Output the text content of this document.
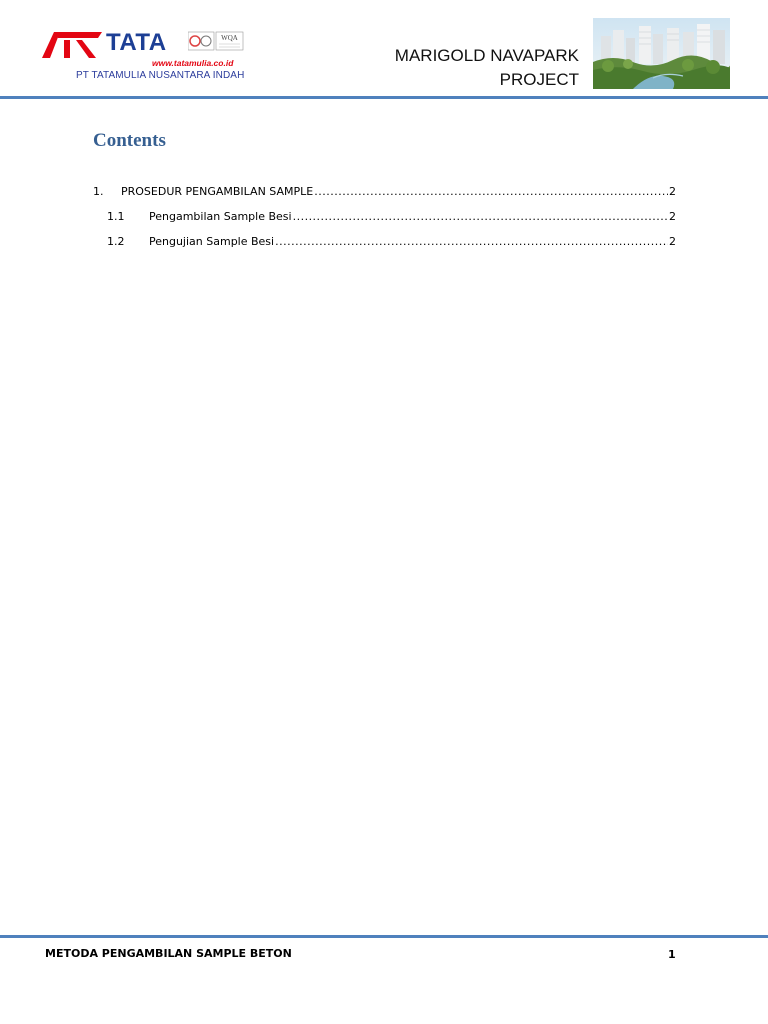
TATA	WQA
www.tatamulia.co.id
PT TATAMULIA NUSANTARA INDAH
MARIGOLD NAVAPARK
PROJECT
Contents
1.	PROSEDUR PENGAMBILAN SAMPLE .....	2
1.1	Pengambilan Sample Besi .....	2
1.2	Pengujian Sample Besi .....	2
METODA PENGAMBILAN SAMPLE BETON	1
